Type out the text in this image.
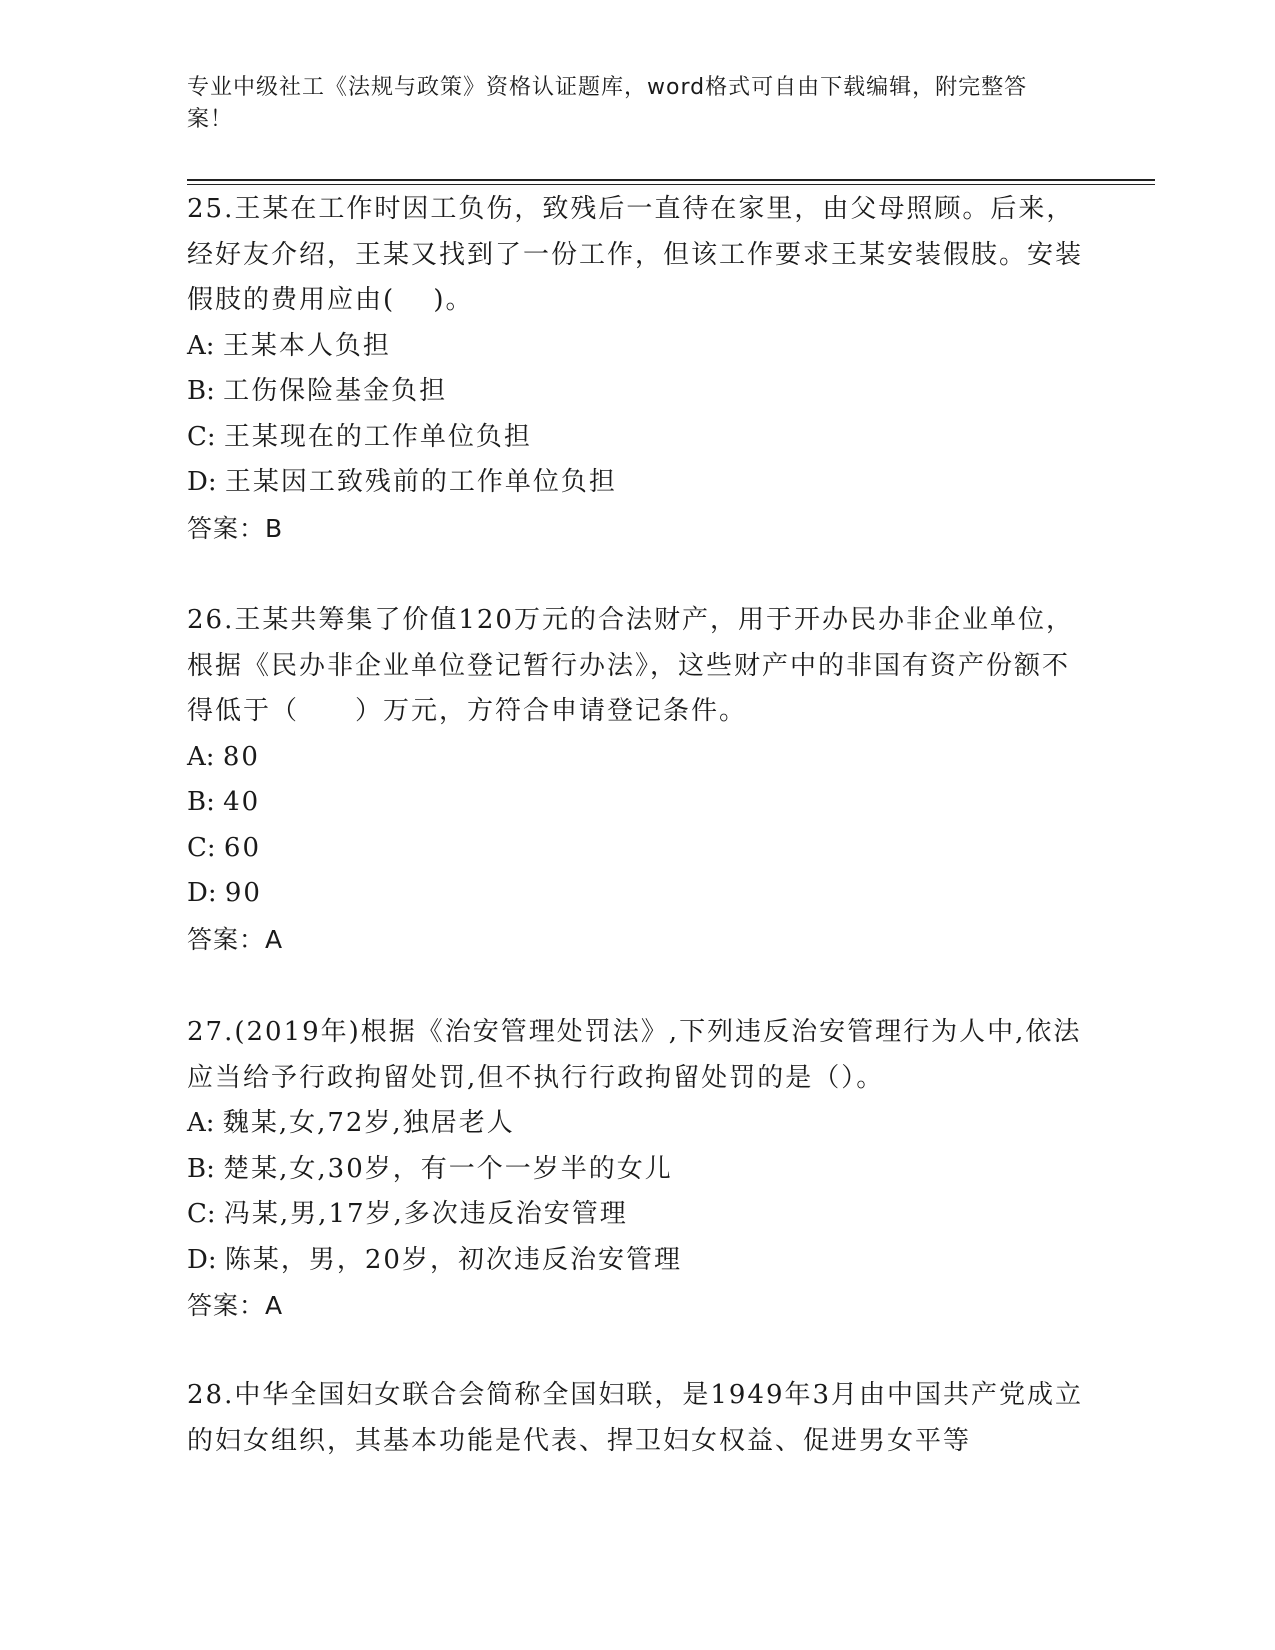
专业中级社工《法规与政策》资格认证题库，word格式可自由下载编辑，附完整答案！

25.王某在工作时因工负伤，致残后一直待在家里，由父母照顾。后来，经好友介绍，王某又找到了一份工作，但该工作要求王某安装假肢。安装假肢的费用应由(　 )。

A: 王某本人负担
B: 工伤保险基金负担
C: 王某现在的工作单位负担
D: 王某因工致残前的工作单位负担
答案：B

26.王某共筹集了价值120万元的合法财产，用于开办民办非企业单位，根据《民办非企业单位登记暂行办法》，这些财产中的非国有资产份额不得低于（　　）万元，方符合申请登记条件。

A: 80
B: 40
C: 60
D: 90
答案：A

27.(2019年)根据《治安管理处罚法》,下列违反治安管理行为人中,依法应当给予行政拘留处罚,但不执行行政拘留处罚的是（）。

A: 魏某,女,72岁,独居老人
B: 楚某,女,30岁，有一个一岁半的女儿
C: 冯某,男,17岁,多次违反治安管理
D: 陈某，男，20岁，初次违反治安管理
答案：A

28.中华全国妇女联合会简称全国妇联，是1949年3月由中国共产党成立的妇女组织，其基本功能是代表、捍卫妇女权益、促进男女平等
